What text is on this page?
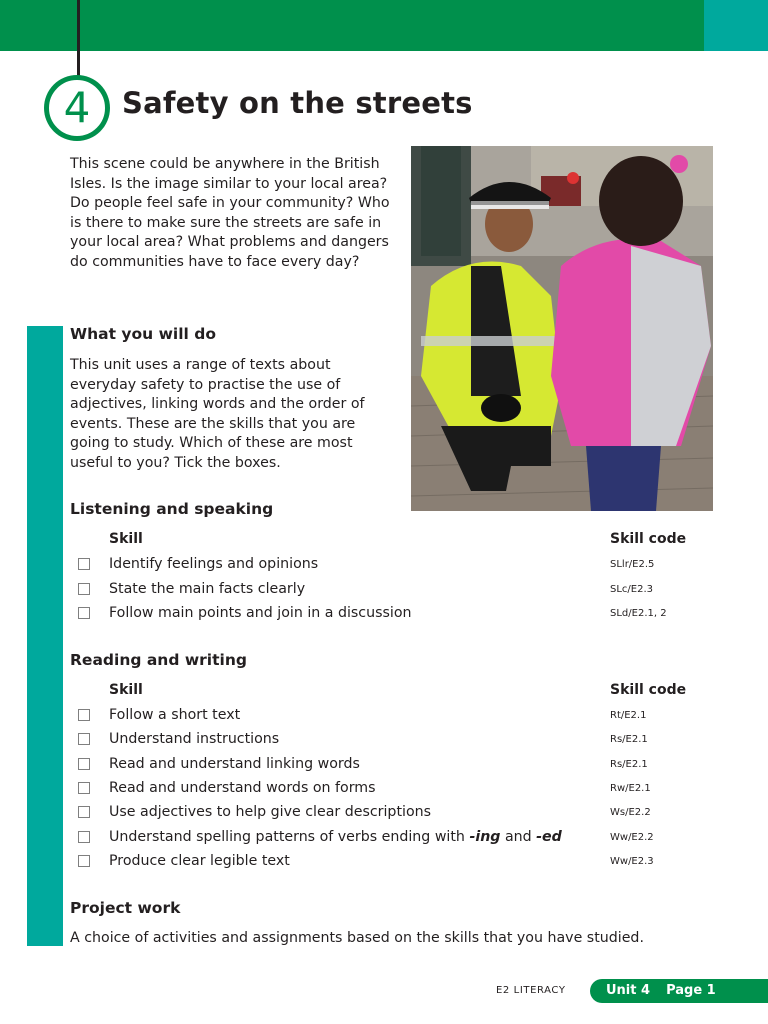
4	Safety on the streets

This scene could be anywhere in the British Isles. Is the image similar to your local area? Do people feel safe in your community? Who is there to make sure the streets are safe in your local area? What problems and dangers do communities have to face every day?

What you will do

This unit uses a range of texts about everyday safety to practise the use of adjectives, linking words and the order of events. These are the skills that you are going to study. Which of these are most useful to you? Tick the boxes.

Listening and speaking
Skill	Skill code
Identify feelings and opinions	SLlr/E2.5
State the main facts clearly	SLc/E2.3
Follow main points and join in a discussion	SLd/E2.1, 2
Reading and writing
Skill	Skill code
Follow a short text	Rt/E2.1
Understand instructions	Rs/E2.1
Read and understand linking words	Rs/E2.1
Read and understand words on forms	Rw/E2.1
Use adjectives to help give clear descriptions	Ws/E2.2
Understand spelling patterns of verbs ending with -ing and -ed	Ww/E2.2
Produce clear legible text	Ww/E2.3
Project work

A choice of activities and assignments based on the skills that you have studied.

E2 LITERACY	Unit 4 Page 1
